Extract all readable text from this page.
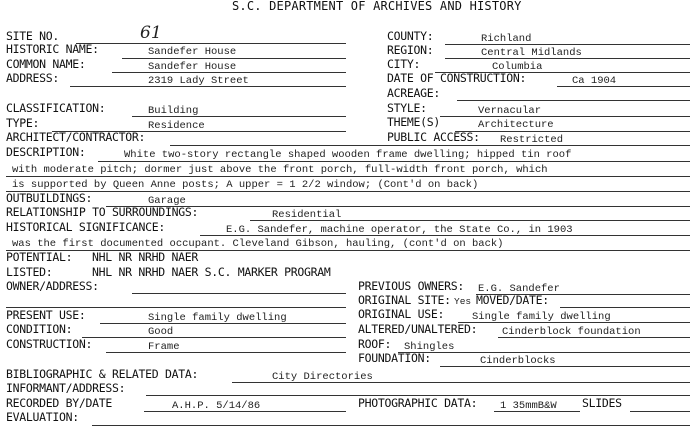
S.C. DEPARTMENT OF ARCHIVES AND HISTORY
SITE NO.	61	COUNTY:	Richland
HISTORIC NAME:	Sandefer House	REGION:	Central Midlands
COMMON NAME:	Sandefer House	CITY:	Columbia
ADDRESS:	2319 Lady Street	DATE OF CONSTRUCTION:	Ca 1904
ACREAGE:
CLASSIFICATION:	Building	STYLE:	Vernacular
TYPE:	Residence	THEME(S)	Architecture
ARCHITECT/CONTRACTOR:	PUBLIC ACCESS: Restricted
DESCRIPTION:	White two-story rectangle shaped wooden frame dwelling; hipped tin roof
with moderate pitch; dormer just above the front porch, full-width front porch, which
is supported by Queen Anne posts; A upper = 1 2/2 window; (Cont'd on back)
OUTBUILDINGS:	Garage
RELATIONSHIP TO SURROUNDINGS:	Residential
HISTORICAL SIGNIFICANCE:	E.G. Sandefer, machine operator, the State Co., in 1903
was the first documented occupant. Cleveland Gibson, hauling, (cont'd on back)
POTENTIAL: NHL NR NRHD NAER
LISTED:	NHL NR NRHD NAER S.C. MARKER PROGRAM
OWNER/ADDRESS:	PREVIOUS OWNERS: E.G. Sandefer
ORIGINAL SITE: Yes MOVED/DATE:
PRESENT USE:	Single family dwelling	ORIGINAL USE:	Single family dwelling
CONDITION:	Good	ALTERED/UNALTERED: Cinderblock foundation
CONSTRUCTION:	Frame	ROOF: Shingles
FOUNDATION:	Cinderblocks
BIBLIOGRAPHIC & RELATED DATA:	City Directories
INFORMANT/ADDRESS:
RECORDED BY/DATE	A.H.P. 5/14/86	PHOTOGRAPHIC DATA: 1 35mmB&W SLIDES
EVALUATION:
